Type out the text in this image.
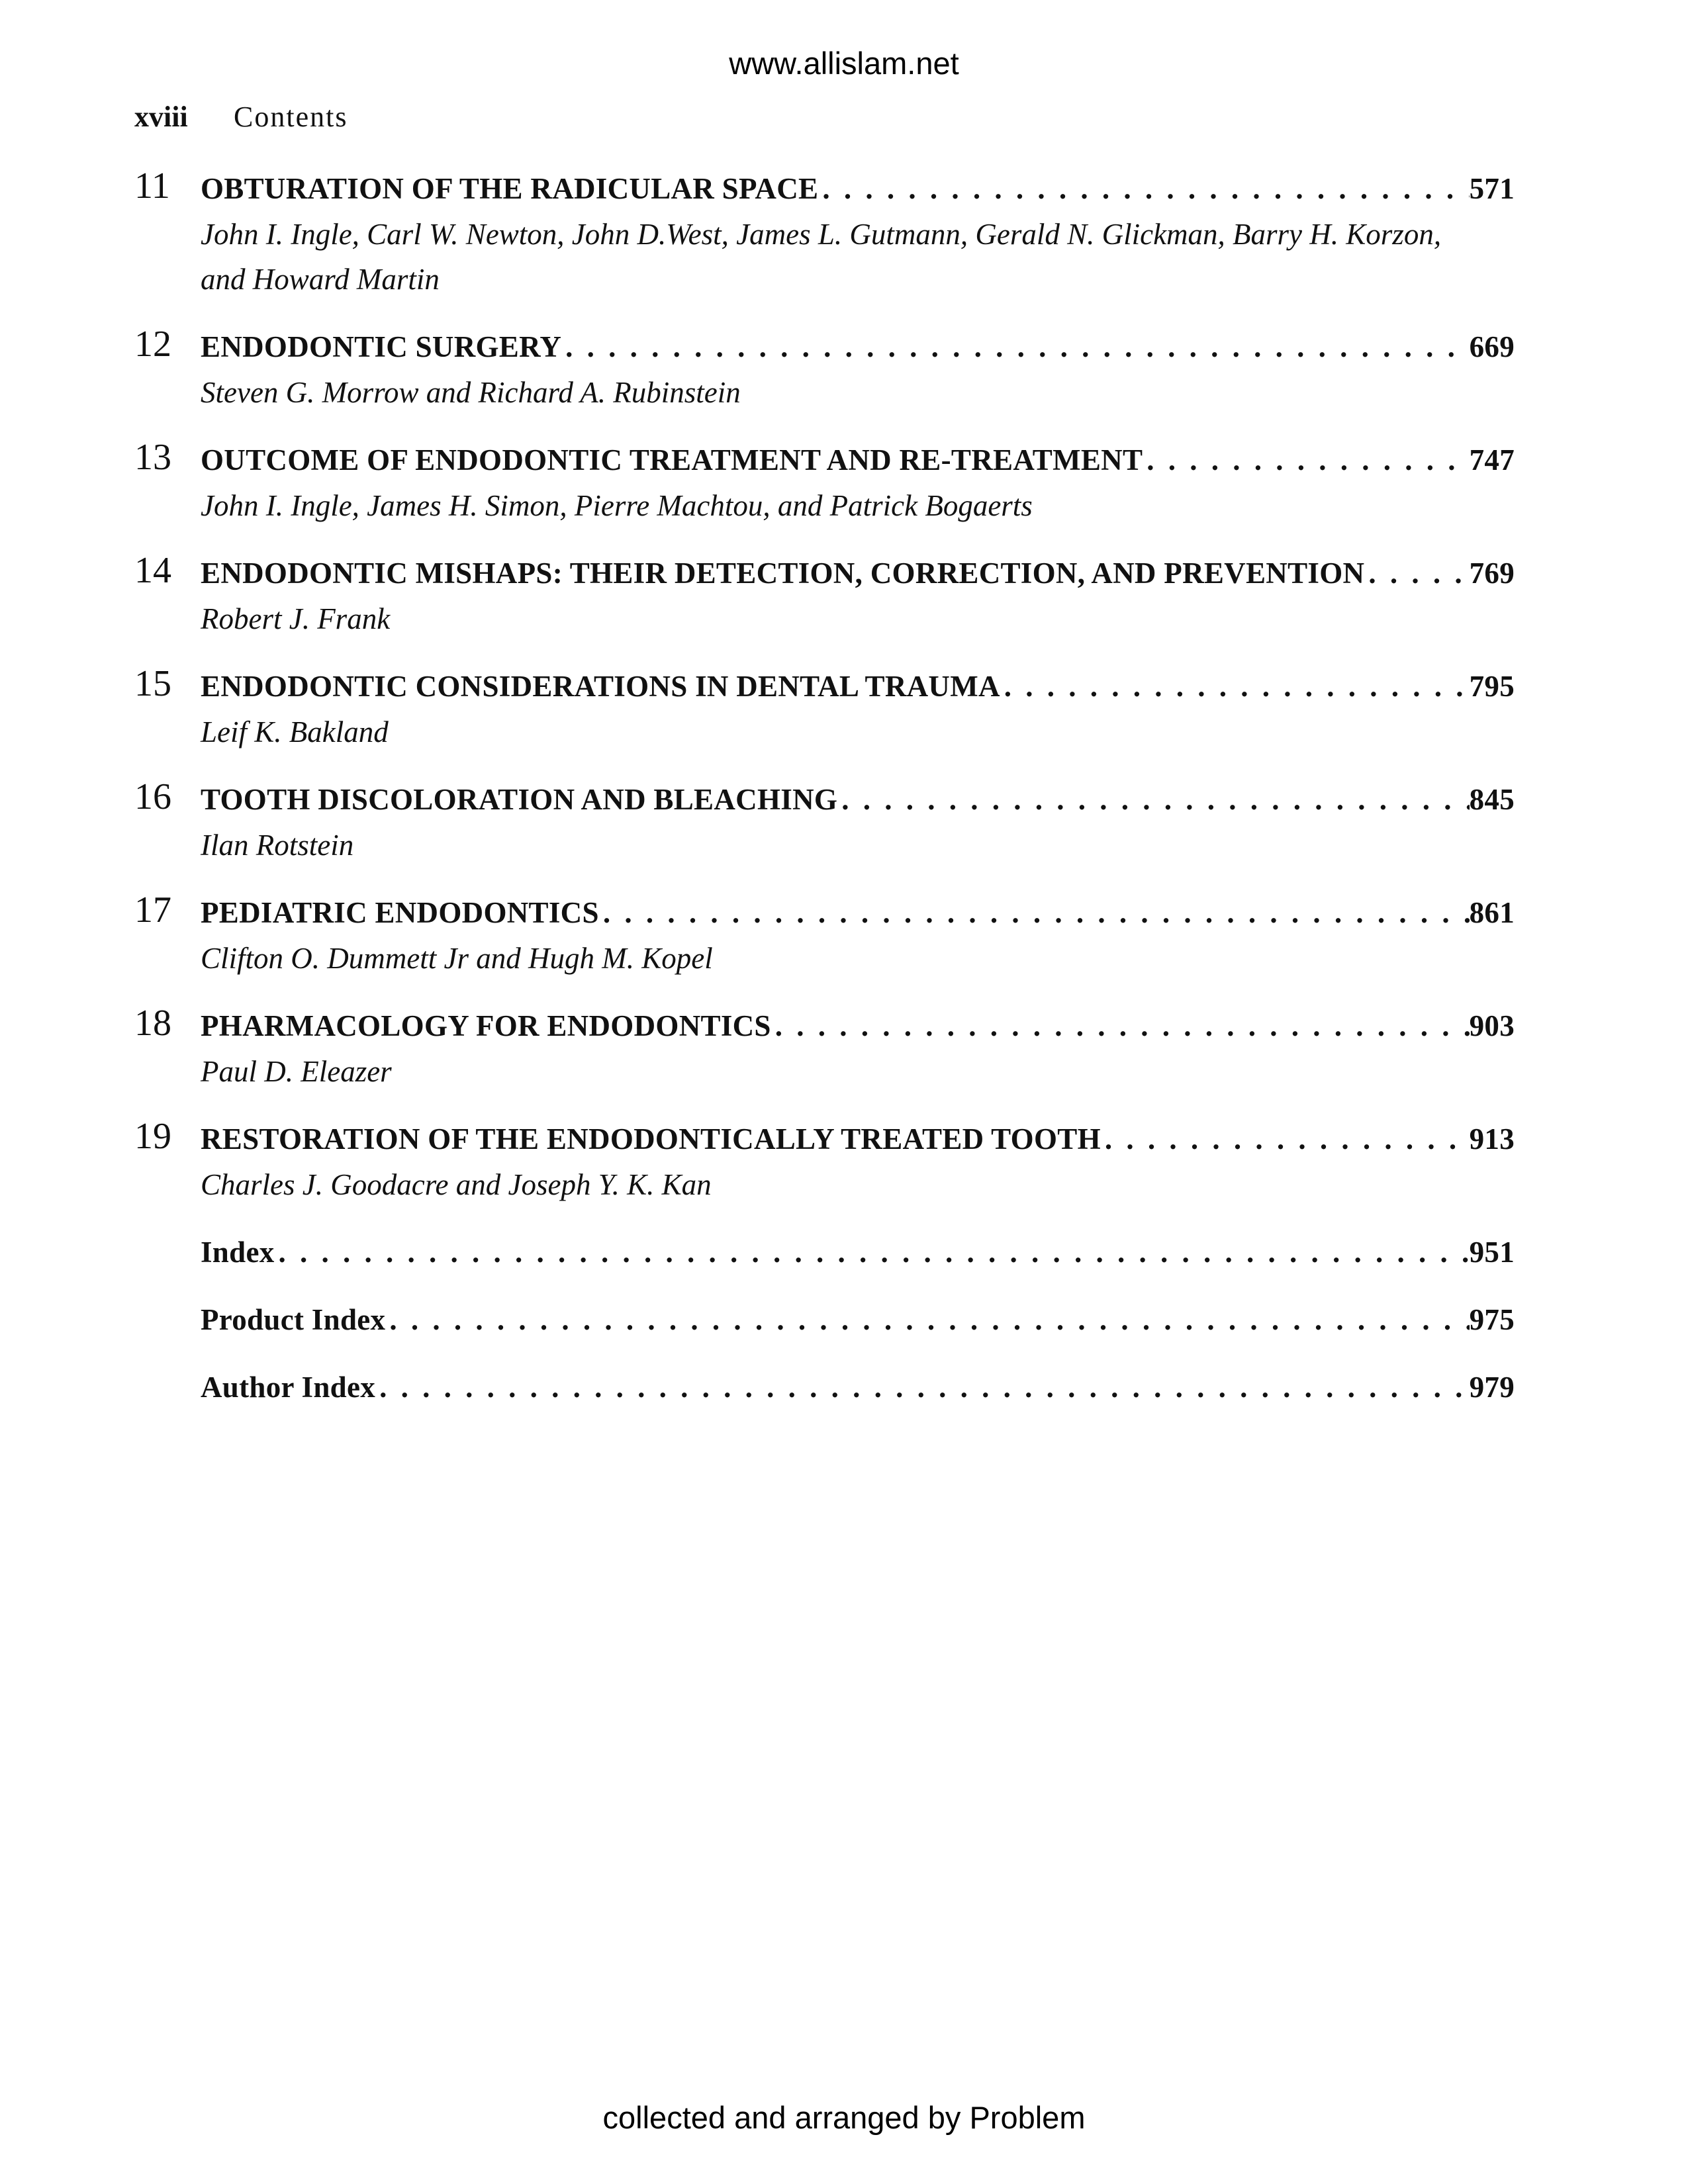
www.allislam.net
xviii Contents
11 OBTURATION OF THE RADICULAR SPACE . . .	571
John I. Ingle, Carl W. Newton, John D.West, James L. Gutmann, Gerald N. Glickman, Barry H. Korzon, and Howard Martin
12 ENDODONTIC SURGERY . . .	669
Steven G. Morrow and Richard A. Rubinstein
13 OUTCOME OF ENDODONTIC TREATMENT AND RE-TREATMENT . . .	747
John I. Ingle, James H. Simon, Pierre Machtou, and Patrick Bogaerts
14 ENDODONTIC MISHAPS: THEIR DETECTION, CORRECTION, AND PREVENTION . . .	769
Robert J. Frank
15 ENDODONTIC CONSIDERATIONS IN DENTAL TRAUMA . . .	795
Leif K. Bakland
16 TOOTH DISCOLORATION AND BLEACHING . . .	845
Ilan Rotstein
17 PEDIATRIC ENDODONTICS . . .	861
Clifton O. Dummett Jr and Hugh M. Kopel
18 PHARMACOLOGY FOR ENDODONTICS . . .	903
Paul D. Eleazer
19 RESTORATION OF THE ENDODONTICALLY TREATED TOOTH . . .	913
Charles J. Goodacre and Joseph Y. K. Kan
Index . . .	951
Product Index . . .	975
Author Index . . .	979
collected and arranged by Problem
